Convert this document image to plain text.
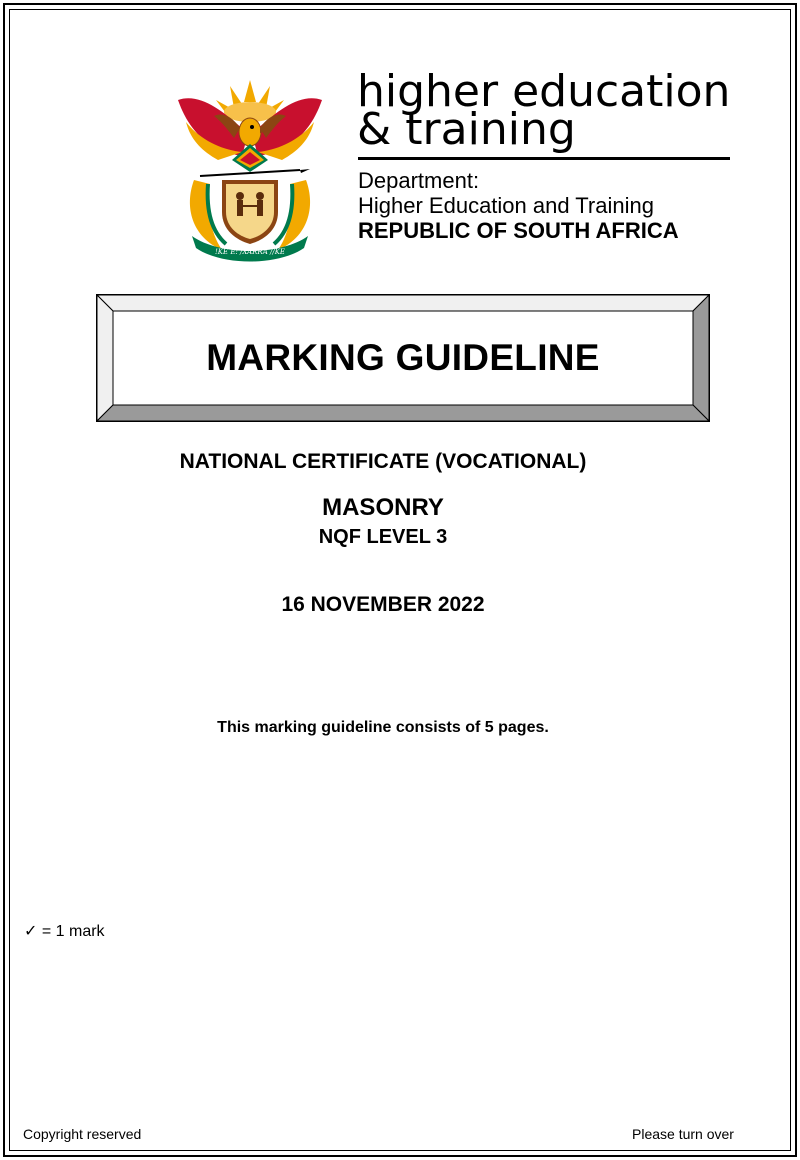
!KE E: /XARRA //KE
higher education
& training
Department:
Higher Education and Training
REPUBLIC OF SOUTH AFRICA
MARKING GUIDELINE
NATIONAL CERTIFICATE (VOCATIONAL)
MASONRY
NQF LEVEL 3
16 NOVEMBER 2022
This marking guideline consists of 5 pages.
✓ = 1 mark
Copyright reserved	Please turn over
